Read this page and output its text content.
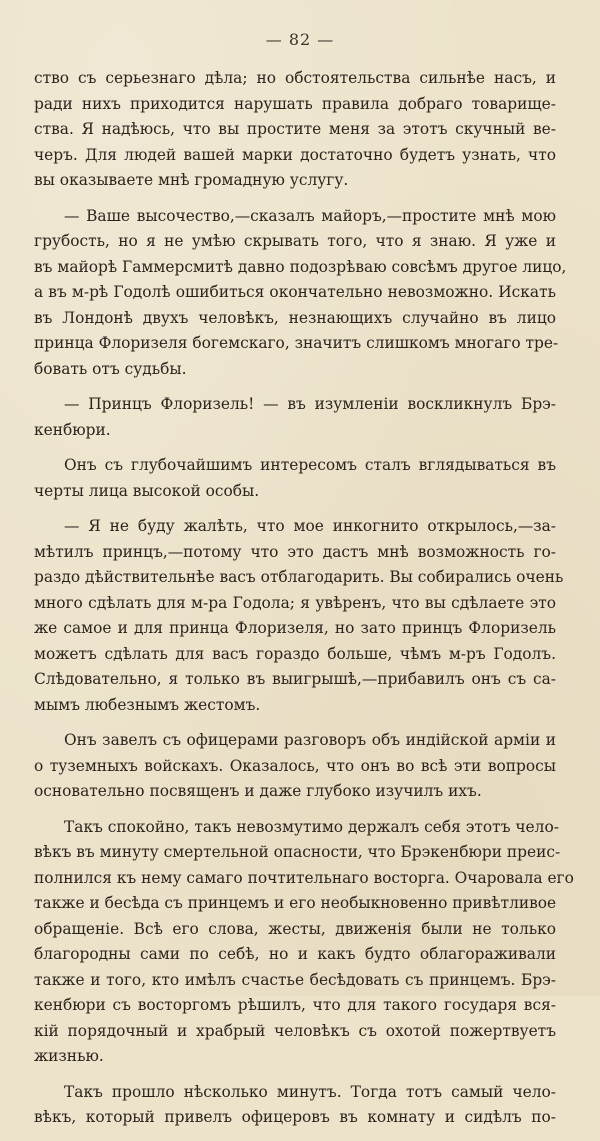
— 82 —
ство съ серьезнаго дѣла; но обстоятельства сильнѣе насъ, и
ради нихъ приходится нарушать правила добраго товарище-
ства. Я надѣюсь, что вы простите меня за этотъ скучный ве-
черъ. Для людей вашей марки достаточно будетъ узнать, что
вы оказываете мнѣ громадную услугу.
— Ваше высочество,—сказалъ майоръ,—простите мнѣ мою
грубость, но я не умѣю скрывать того, что я знаю. Я уже и
въ майорѣ Гаммерсмитѣ давно подозрѣваю совсѣмъ другое лицо,
а въ м-рѣ Годолѣ ошибиться окончательно невозможно. Искать
въ Лондонѣ двухъ человѣкъ, незнающихъ случайно въ лицо
принца Флоризеля богемскаго, значитъ слишкомъ многаго тре-
бовать отъ судьбы.
— Принцъ Флоризель! — въ изумленіи воскликнулъ Брэ-
кенбюри.
Онъ съ глубочайшимъ интересомъ сталъ вглядываться въ
черты лица высокой особы.
— Я не буду жалѣть, что мое инкогнито открылось,—за-
мѣтилъ принцъ,—потому что это дастъ мнѣ возможность го-
раздо дѣйствительнѣе васъ отблагодарить. Вы собирались очень
много сдѣлать для м-ра Годола; я увѣренъ, что вы сдѣлаете это
же самое и для принца Флоризеля, но зато принцъ Флоризель
можетъ сдѣлать для васъ гораздо больше, чѣмъ м-ръ Годолъ.
Слѣдовательно, я только въ выигрышѣ,—прибавилъ онъ съ са-
мымъ любезнымъ жестомъ.
Онъ завелъ съ офицерами разговоръ объ индійской арміи и
о туземныхъ войскахъ. Оказалось, что онъ во всѣ эти вопросы
основательно посвященъ и даже глубоко изучилъ ихъ.
Такъ спокойно, такъ невозмутимо держалъ себя этотъ чело-
вѣкъ въ минуту смертельной опасности, что Брэкенбюри преис-
полнился къ нему самаго почтительнаго восторга. Очаровала его
также и бесѣда съ принцемъ и его необыкновенно привѣтливое
обращеніе. Всѣ его слова, жесты, движенія были не только
благородны сами по себѣ, но и какъ будто облагораживали
также и того, кто имѣлъ счастье бесѣдовать съ принцемъ. Брэ-
кенбюри съ восторгомъ рѣшилъ, что для такого государя вся-
кій порядочный и храбрый человѣкъ съ охотой пожертвуетъ
жизнью.
Такъ прошло нѣсколько минутъ. Тогда тотъ самый чело-
вѣкъ, который привелъ офицеровъ въ комнату и сидѣлъ по-
